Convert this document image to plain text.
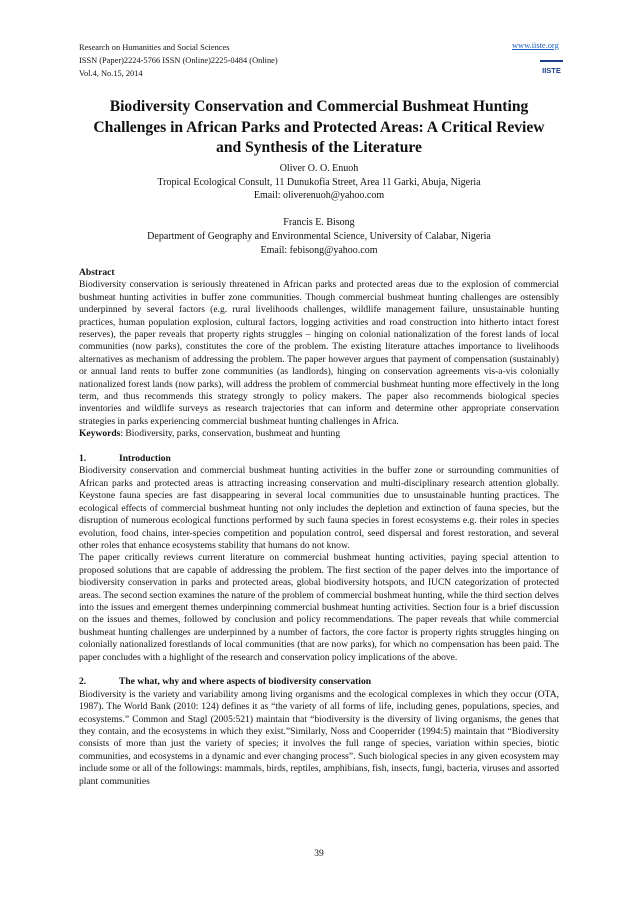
Research on Humanities and Social Sciences
ISSN (Paper)2224-5766 ISSN (Online)2225-0484 (Online)
Vol.4, No.15, 2014
www.iiste.org
IISTE
Biodiversity Conservation and Commercial Bushmeat Hunting Challenges in African Parks and Protected Areas: A Critical Review and Synthesis of the Literature
Oliver O. O. Enuoh
Tropical Ecological Consult, 11 Dunukofia Street, Area 11 Garki, Abuja, Nigeria
Email: oliverenuoh@yahoo.com
Francis E. Bisong
Department of Geography and Environmental Science, University of Calabar, Nigeria
Email: febisong@yahoo.com

Abstract

Biodiversity conservation is seriously threatened in African parks and protected areas due to the explosion of commercial bushmeat hunting activities in buffer zone communities. Though commercial bushmeat hunting challenges are ostensibly underpinned by several factors (e.g. rural livelihoods challenges, wildlife management failure, unsustainable hunting practices, human population explosion, cultural factors, logging activities and road construction into hitherto intact forest reserves), the paper reveals that property rights struggles – hinging on colonial nationalization of the forest lands of local communities (now parks), constitutes the core of the problem. The existing literature attaches importance to livelihoods alternatives as mechanism of addressing the problem. The paper however argues that payment of compensation (sustainably) or annual land rents to buffer zone communities (as landlords), hinging on conservation agreements vis-a-vis colonially nationalized forest lands (now parks), will address the problem of commercial bushmeat hunting more effectively in the long term, and thus recommends this strategy strongly to policy makers. The paper also recommends biological species inventories and wildlife surveys as research trajectories that can inform and determine other appropriate conservation strategies in parks experiencing commercial bushmeat hunting challenges in Africa.

Keywords: Biodiversity, parks, conservation, bushmeat and hunting

1.	Introduction

Biodiversity conservation and commercial bushmeat hunting activities in the buffer zone or surrounding communities of African parks and protected areas is attracting increasing conservation and multi-disciplinary research attention globally. Keystone fauna species are fast disappearing in several local communities due to unsustainable hunting practices. The ecological effects of commercial bushmeat hunting not only includes the depletion and extinction of fauna species, but the disruption of numerous ecological functions performed by such fauna species in forest ecosystems e.g. their roles in species evolution, food chains, inter-species competition and population control, seed dispersal and forest restoration, and several other roles that enhance ecosystems stability that humans do not know.

The paper critically reviews current literature on commercial bushmeat hunting activities, paying special attention to proposed solutions that are capable of addressing the problem. The first section of the paper delves into the importance of biodiversity conservation in parks and protected areas, global biodiversity hotspots, and IUCN categorization of protected areas. The second section examines the nature of the problem of commercial bushmeat hunting, while the third section delves into the issues and emergent themes underpinning commercial bushmeat hunting activities. Section four is a brief discussion on the issues and themes, followed by conclusion and policy recommendations. The paper reveals that while commercial bushmeat hunting challenges are underpinned by a number of factors, the core factor is property rights struggles hinging on colonially nationalized forestlands of local communities (that are now parks), for which no compensation has been paid. The paper concludes with a highlight of the research and conservation policy implications of the above.

2.	The what, why and where aspects of biodiversity conservation

Biodiversity is the variety and variability among living organisms and the ecological complexes in which they occur (OTA, 1987). The World Bank (2010: 124) defines it as “the variety of all forms of life, including genes, populations, species, and ecosystems.” Common and Stagl (2005:521) maintain that “biodiversity is the diversity of living organisms, the genes that they contain, and the ecosystems in which they exist.”Similarly, Noss and Cooperrider (1994:5) maintain that “Biodiversity consists of more than just the variety of species; it involves the full range of species, variation within species, biotic communities, and ecosystems in a dynamic and ever changing process”. Such biological species in any given ecosystem may include some or all of the followings: mammals, birds, reptiles, amphibians, fish, insects, fungi, bacteria, viruses and assorted plant communities

39
